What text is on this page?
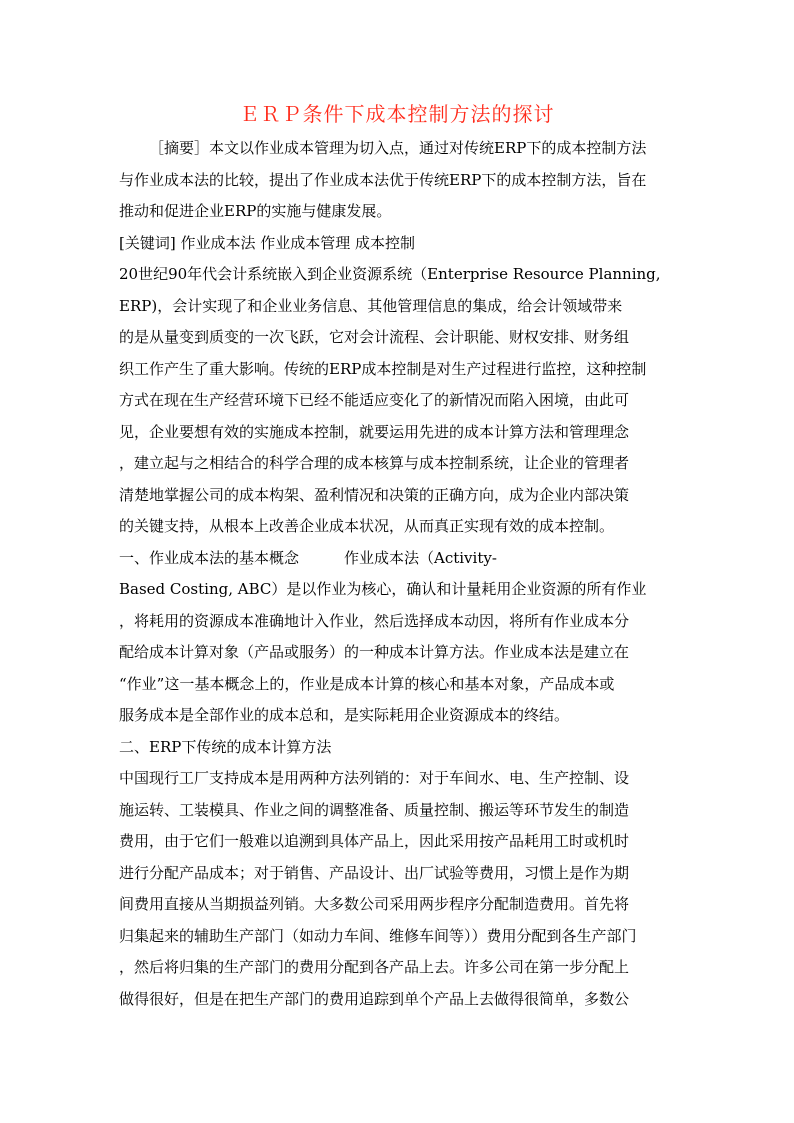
ＥＲＰ条件下成本控制方法的探讨
［摘要］本文以作业成本管理为切入点，通过对传统ERP下的成本控制方法
与作业成本法的比较，提出了作业成本法优于传统ERP下的成本控制方法，旨在
推动和促进企业ERP的实施与健康发展。
[关键词] 作业成本法 作业成本管理 成本控制
20世纪90年代会计系统嵌入到企业资源系统（Enterprise Resource Planning,
ERP)，会计实现了和企业业务信息、其他管理信息的集成，给会计领域带来
的是从量变到质变的一次飞跃，它对会计流程、会计职能、财权安排、财务组
织工作产生了重大影响。传统的ERP成本控制是对生产过程进行监控，这种控制
方式在现在生产经营环境下已经不能适应变化了的新情况而陷入困境，由此可
见，企业要想有效的实施成本控制，就要运用先进的成本计算方法和管理理念
，建立起与之相结合的科学合理的成本核算与成本控制系统，让企业的管理者
清楚地掌握公司的成本构架、盈利情况和决策的正确方向，成为企业内部决策
的关键支持，从根本上改善企业成本状况，从而真正实现有效的成本控制。
一、作业成本法的基本概念　　　作业成本法（Activity-
Based Costing, ABC）是以作业为核心，确认和计量耗用企业资源的所有作业
，将耗用的资源成本准确地计入作业，然后选择成本动因，将所有作业成本分
配给成本计算对象（产品或服务）的一种成本计算方法。作业成本法是建立在
“作业”这一基本概念上的，作业是成本计算的核心和基本对象，产品成本或
服务成本是全部作业的成本总和，是实际耗用企业资源成本的终结。
二、ERP下传统的成本计算方法
中国现行工厂支持成本是用两种方法列销的：对于车间水、电、生产控制、设
施运转、工装模具、作业之间的调整准备、质量控制、搬运等环节发生的制造
费用，由于它们一般难以追溯到具体产品上，因此采用按产品耗用工时或机时
进行分配产品成本；对于销售、产品设计、出厂试验等费用，习惯上是作为期
间费用直接从当期损益列销。大多数公司采用两步程序分配制造费用。首先将
归集起来的辅助生产部门（如动力车间、维修车间等））费用分配到各生产部门
，然后将归集的生产部门的费用分配到各产品上去。许多公司在第一步分配上
做得很好，但是在把生产部门的费用追踪到单个产品上去做得很简单，多数公
